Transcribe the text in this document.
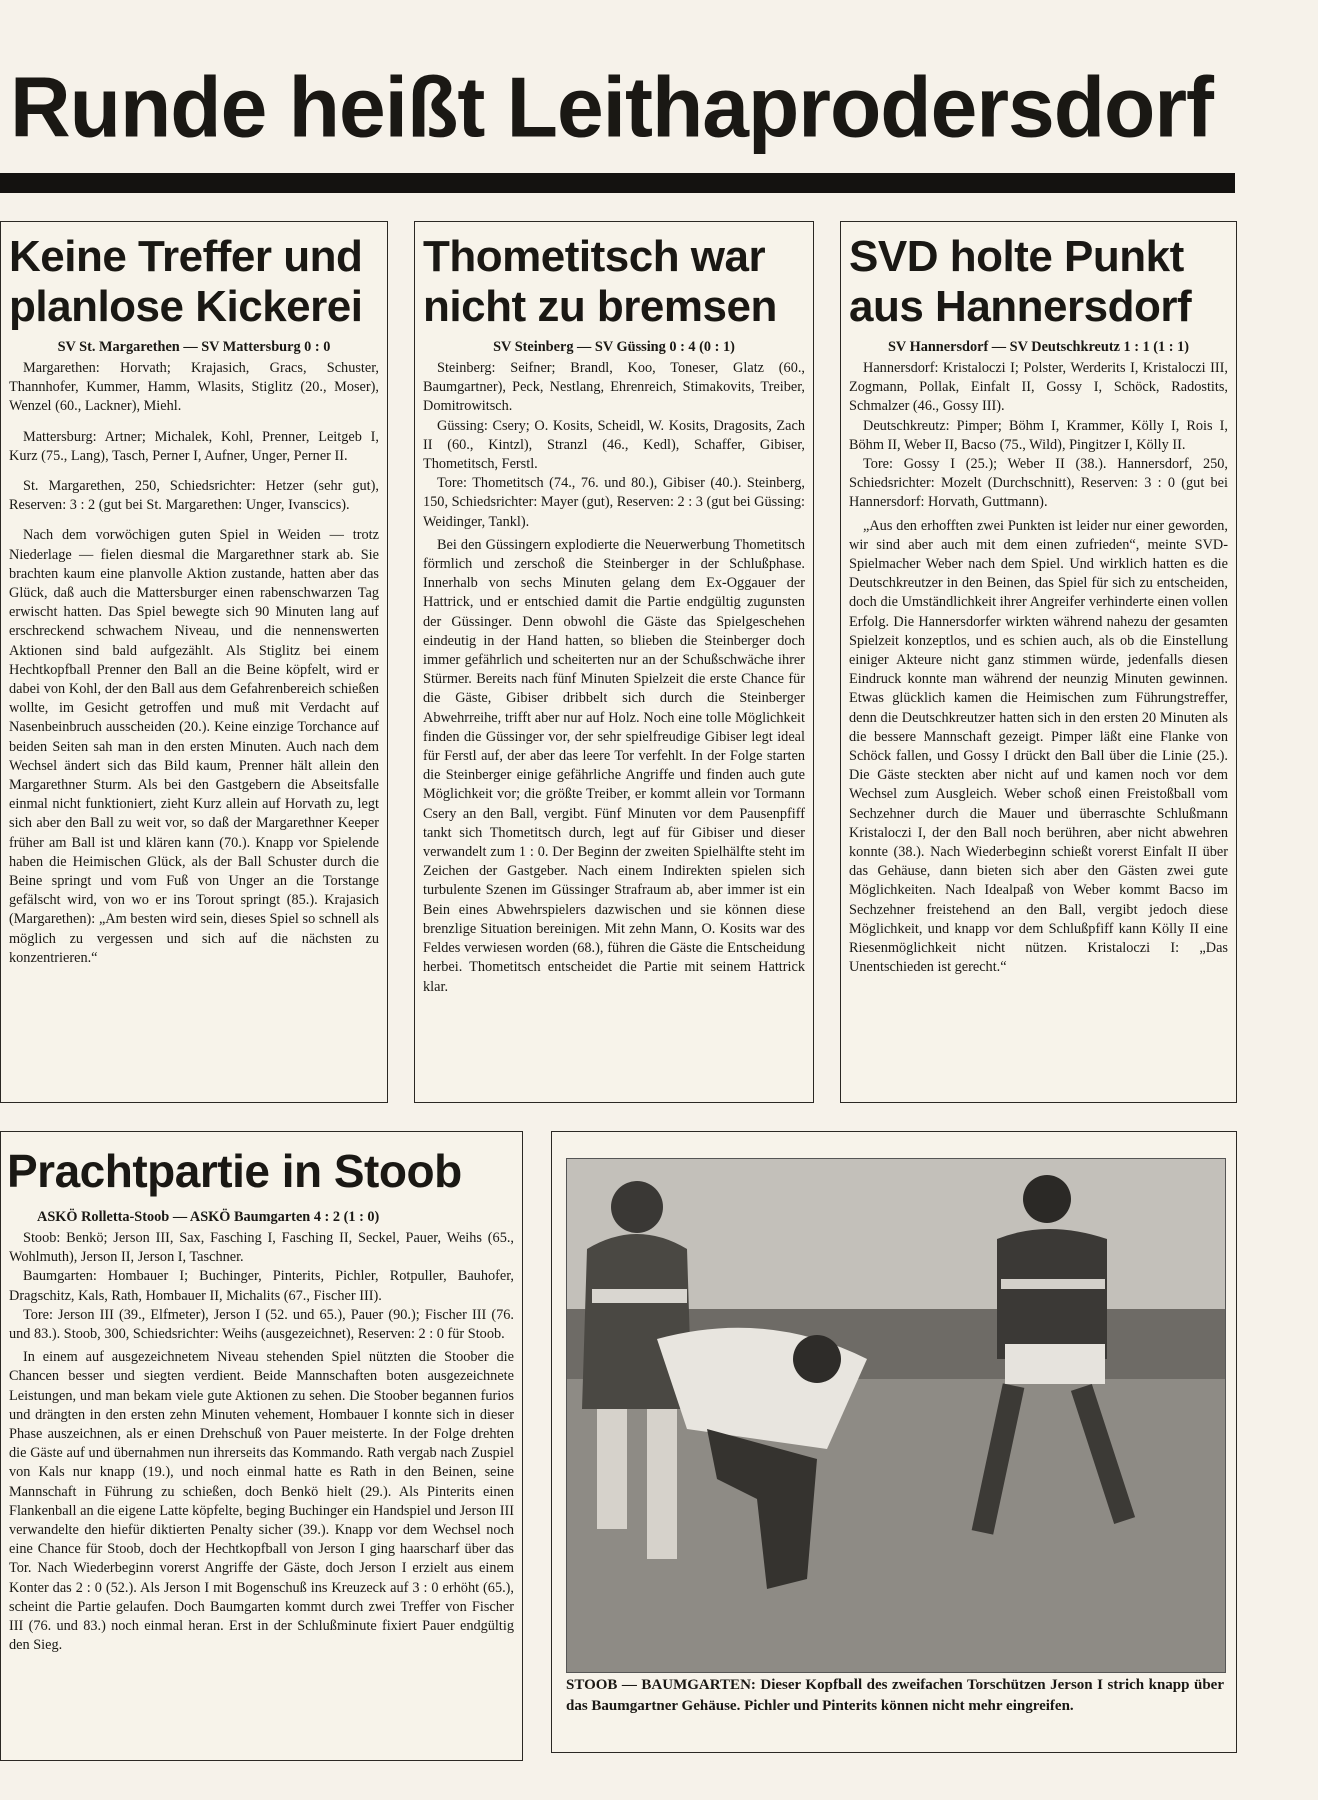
Runde heißt Leithaprodersdorf
Keine Treffer und
planlose Kickerei
SV St. Margarethen — SV Mattersburg 0 : 0

Margarethen: Horvath; Krajasich, Gracs, Schuster, Thannhofer, Kummer, Hamm, Wlasits, Stiglitz (20., Moser), Wenzel (60., Lackner), Miehl.

Mattersburg: Artner; Michalek, Kohl, Prenner, Leitgeb I, Kurz (75., Lang), Tasch, Perner I, Aufner, Unger, Perner II.

St. Margarethen, 250, Schiedsrichter: Hetzer (sehr gut), Reserven: 3 : 2 (gut bei St. Margarethen: Unger, Ivanscics).

Nach dem vorwöchigen guten Spiel in Weiden — trotz Niederlage — fielen diesmal die Margarethner stark ab. Sie brachten kaum eine planvolle Aktion zustande, hatten aber das Glück, daß auch die Mattersburger einen rabenschwarzen Tag erwischt hatten. Das Spiel bewegte sich 90 Minuten lang auf erschreckend schwachem Niveau, und die nennenswerten Aktionen sind bald aufgezählt. Als Stiglitz bei einem Hechtkopfball Prenner den Ball an die Beine köpfelt, wird er dabei von Kohl, der den Ball aus dem Gefahrenbereich schießen wollte, im Gesicht getroffen und muß mit Verdacht auf Nasenbeinbruch ausscheiden (20.). Keine einzige Torchance auf beiden Seiten sah man in den ersten Minuten. Auch nach dem Wechsel ändert sich das Bild kaum, Prenner hält allein den Margarethner Sturm. Als bei den Gastgebern die Abseitsfalle einmal nicht funktioniert, zieht Kurz allein auf Horvath zu, legt sich aber den Ball zu weit vor, so daß der Margarethner Keeper früher am Ball ist und klären kann (70.). Knapp vor Spielende haben die Heimischen Glück, als der Ball Schuster durch die Beine springt und vom Fuß von Unger an die Torstange gefälscht wird, von wo er ins Torout springt (85.). Krajasich (Margarethen): „Am besten wird sein, dieses Spiel so schnell als möglich zu vergessen und sich auf die nächsten zu konzentrieren.“

Thometitsch war
nicht zu bremsen
SV Steinberg — SV Güssing 0 : 4 (0 : 1)

Steinberg: Seifner; Brandl, Koo, Toneser, Glatz (60., Baumgartner), Peck, Nestlang, Ehrenreich, Stimakovits, Treiber, Domitrowitsch.

Güssing: Csery; O. Kosits, Scheidl, W. Kosits, Dragosits, Zach II (60., Kintzl), Stranzl (46., Kedl), Schaffer, Gibiser, Thometitsch, Ferstl.

Tore: Thometitsch (74., 76. und 80.), Gibiser (40.). Steinberg, 150, Schiedsrichter: Mayer (gut), Reserven: 2 : 3 (gut bei Güssing: Weidinger, Tankl).

Bei den Güssingern explodierte die Neuerwerbung Thometitsch förmlich und zerschoß die Steinberger in der Schlußphase. Innerhalb von sechs Minuten gelang dem Ex-Oggauer der Hattrick, und er entschied damit die Partie endgültig zugunsten der Güssinger. Denn obwohl die Gäste das Spielgeschehen eindeutig in der Hand hatten, so blieben die Steinberger doch immer gefährlich und scheiterten nur an der Schußschwäche ihrer Stürmer. Bereits nach fünf Minuten Spielzeit die erste Chance für die Gäste, Gibiser dribbelt sich durch die Steinberger Abwehrreihe, trifft aber nur auf Holz. Noch eine tolle Möglichkeit finden die Güssinger vor, der sehr spielfreudige Gibiser legt ideal für Ferstl auf, der aber das leere Tor verfehlt. In der Folge starten die Steinberger einige gefährliche Angriffe und finden auch gute Möglichkeit vor; die größte Treiber, er kommt allein vor Tormann Csery an den Ball, vergibt. Fünf Minuten vor dem Pausenpfiff tankt sich Thometitsch durch, legt auf für Gibiser und dieser verwandelt zum 1 : 0. Der Beginn der zweiten Spielhälfte steht im Zeichen der Gastgeber. Nach einem Indirekten spielen sich turbulente Szenen im Güssinger Strafraum ab, aber immer ist ein Bein eines Abwehrspielers dazwischen und sie können diese brenzlige Situation bereinigen. Mit zehn Mann, O. Kosits war des Feldes verwiesen worden (68.), führen die Gäste die Entscheidung herbei. Thometitsch entscheidet die Partie mit seinem Hattrick klar.

SVD holte Punkt
aus Hannersdorf
SV Hannersdorf — SV Deutschkreutz 1 : 1 (1 : 1)

Hannersdorf: Kristaloczi I; Polster, Werderits I, Kristaloczi III, Zogmann, Pollak, Einfalt II, Gossy I, Schöck, Radostits, Schmalzer (46., Gossy III).

Deutschkreutz: Pimper; Böhm I, Krammer, Kölly I, Rois I, Böhm II, Weber II, Bacso (75., Wild), Pingitzer I, Kölly II.

Tore: Gossy I (25.); Weber II (38.). Hannersdorf, 250, Schiedsrichter: Mozelt (Durchschnitt), Reserven: 3 : 0 (gut bei Hannersdorf: Horvath, Guttmann).

„Aus den erhofften zwei Punkten ist leider nur einer geworden, wir sind aber auch mit dem einen zufrieden“, meinte SVD-Spielmacher Weber nach dem Spiel. Und wirklich hatten es die Deutschkreutzer in den Beinen, das Spiel für sich zu entscheiden, doch die Umständlichkeit ihrer Angreifer verhinderte einen vollen Erfolg. Die Hannersdorfer wirkten während nahezu der gesamten Spielzeit konzeptlos, und es schien auch, als ob die Einstellung einiger Akteure nicht ganz stimmen würde, jedenfalls diesen Eindruck konnte man während der neunzig Minuten gewinnen. Etwas glücklich kamen die Heimischen zum Führungstreffer, denn die Deutschkreutzer hatten sich in den ersten 20 Minuten als die bessere Mannschaft gezeigt. Pimper läßt eine Flanke von Schöck fallen, und Gossy I drückt den Ball über die Linie (25.). Die Gäste steckten aber nicht auf und kamen noch vor dem Wechsel zum Ausgleich. Weber schoß einen Freistoßball vom Sechzehner durch die Mauer und überraschte Schlußmann Kristaloczi I, der den Ball noch berühren, aber nicht abwehren konnte (38.). Nach Wiederbeginn schießt vorerst Einfalt II über das Gehäuse, dann bieten sich aber den Gästen zwei gute Möglichkeiten. Nach Idealpaß von Weber kommt Bacso im Sechzehner freistehend an den Ball, vergibt jedoch diese Möglichkeit, und knapp vor dem Schlußpfiff kann Kölly II eine Riesenmöglichkeit nicht nützen. Kristaloczi I: „Das Unentschieden ist gerecht.“

Prachtpartie in Stoob
ASKÖ Rolletta-Stoob — ASKÖ Baumgarten 4 : 2 (1 : 0)

Stoob: Benkö; Jerson III, Sax, Fasching I, Fasching II, Seckel, Pauer, Weihs (65., Wohlmuth), Jerson II, Jerson I, Taschner.

Baumgarten: Hombauer I; Buchinger, Pinterits, Pichler, Rotpuller, Bauhofer, Dragschitz, Kals, Rath, Hombauer II, Michalits (67., Fischer III).

Tore: Jerson III (39., Elfmeter), Jerson I (52. und 65.), Pauer (90.); Fischer III (76. und 83.). Stoob, 300, Schiedsrichter: Weihs (ausgezeichnet), Reserven: 2 : 0 für Stoob.

In einem auf ausgezeichnetem Niveau stehenden Spiel nützten die Stoober die Chancen besser und siegten verdient. Beide Mannschaften boten ausgezeichnete Leistungen, und man bekam viele gute Aktionen zu sehen. Die Stoober begannen furios und drängten in den ersten zehn Minuten vehement, Hombauer I konnte sich in dieser Phase auszeichnen, als er einen Drehschuß von Pauer meisterte. In der Folge drehten die Gäste auf und übernahmen nun ihrerseits das Kommando. Rath vergab nach Zuspiel von Kals nur knapp (19.), und noch einmal hatte es Rath in den Beinen, seine Mannschaft in Führung zu schießen, doch Benkö hielt (29.). Als Pinterits einen Flankenball an die eigene Latte köpfelte, beging Buchinger ein Handspiel und Jerson III verwandelte den hiefür diktierten Penalty sicher (39.). Knapp vor dem Wechsel noch eine Chance für Stoob, doch der Hechtkopfball von Jerson I ging haarscharf über das Tor. Nach Wiederbeginn vorerst Angriffe der Gäste, doch Jerson I erzielt aus einem Konter das 2 : 0 (52.). Als Jerson I mit Bogenschuß ins Kreuzeck auf 3 : 0 erhöht (65.), scheint die Partie gelaufen. Doch Baumgarten kommt durch zwei Treffer von Fischer III (76. und 83.) noch einmal heran. Erst in der Schlußminute fixiert Pauer endgültig den Sieg.

STOOB — BAUMGARTEN: Dieser Kopfball des zweifachen Torschützen Jerson I strich knapp über das Baumgartner Gehäuse. Pichler und Pinterits können nicht mehr eingreifen.
